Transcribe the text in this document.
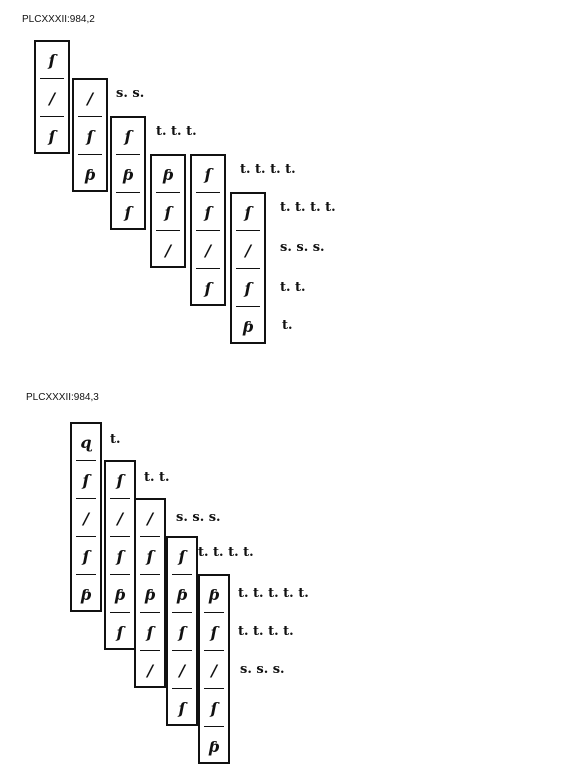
PLCXXXII:984,2
ſ
/
ſ
/
ſ
ƥ
ſ
ƥ
ſ
ƥ
ſ
/
ſ
ſ
/
ſ
ſ
/
ſ
ƥ
s. s.
t. t. t.
t. t. t. t.
t. t. t. t.
s. s. s.
t. t.
t.
PLCXXXII:984,3
ɋ
ſ
/
ſ
ƥ
ſ
/
ſ
ƥ
ſ
/
ſ
ƥ
ſ
/
ſ
ƥ
ſ
/
ſ
ƥ
ſ
/
ſ
ƥ
t.
t. t.
s. s. s.
t. t. t. t.
t. t. t. t. t.
t. t. t. t.
s. s. s.
